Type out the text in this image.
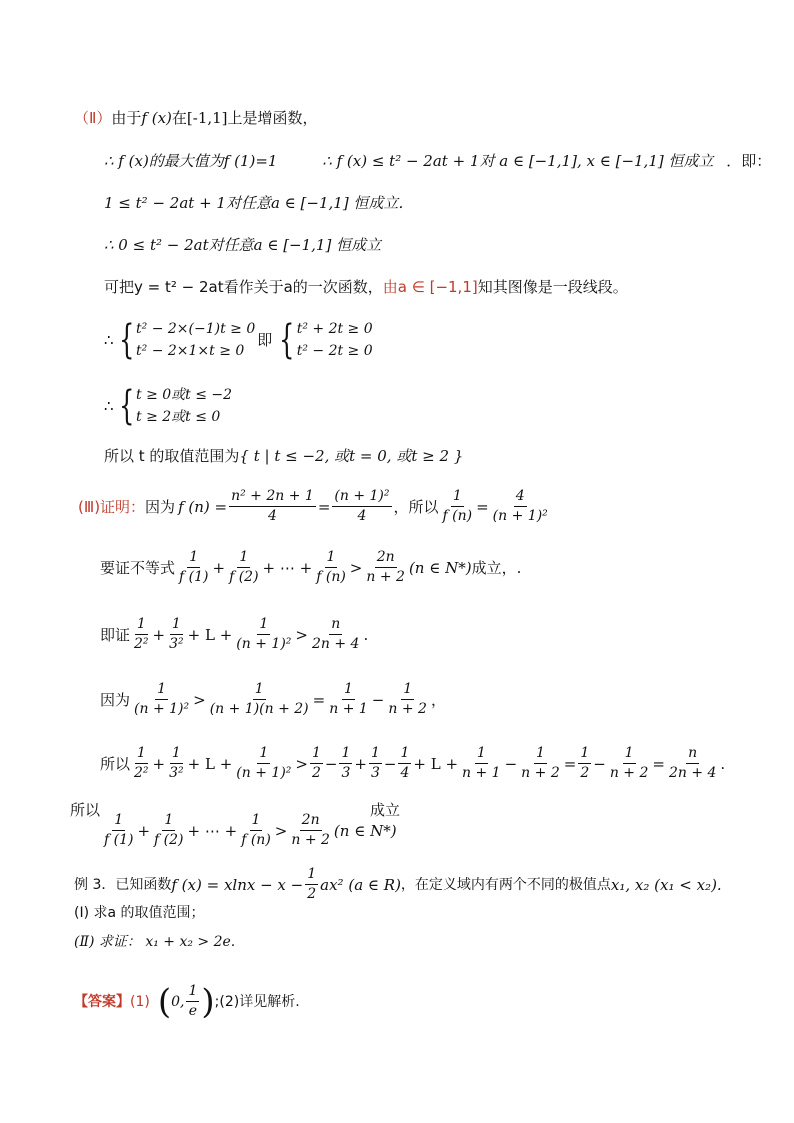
（Ⅱ）由于f (x)在[-1,1]上是增函数，
∴ f (x)的最大值为f (1)=1	∴ f (x) ≤ t² − 2at + 1对 a ∈ [−1,1], x ∈ [−1,1] 恒成立 ．即：
1 ≤ t² − 2at + 1对任意a ∈ [−1,1] 恒成立．
∴ 0 ≤ t² − 2at对任意a ∈ [−1,1] 恒成立
可把y = t² − 2at看作关于a的一次函数，由a ∈ [−1,1]知其图像是一段线段。
∴ { t² − 2×(−1)t ≥ 0
t² − 2×1×t ≥ 0
即 { t² + 2t ≥ 0
t² − 2t ≥ 0
∴ { t ≥ 0或t ≤ −2
t ≥ 2或t ≤ 0
所以 t 的取值范围为{ t | t ≤ −2, 或t = 0, 或t ≥ 2 }
(Ⅲ)证明： 因为 f $(n) = \frac{\text{n² + 2n + 1}}{4} = \frac{\text{(n + 1)²}}{4}$ ，所以 $\frac{1}{f (n)} = \frac{4}{\text{(n + 1)²}}$
要证不等式 $\frac{1}{f (1)} + \frac{1}{f (2)}$ + ⋯ + $\frac{1}{f (n)} > \frac{2n}{n + 2} (n$ ∈ N*) 成立，.
即证 $\frac{1}{\text{2²}} + \frac{1}{\text{3²}} + L + \frac{1}{\text{(n + 1)²}} > \frac{n}{2n + 4}$ .
因为 $\frac{1}{\text{(n + 1)²}} > \frac{1}{(n + 1)(n + 2)} = \frac{1}{n + 1} - \frac{1}{n + 2}$ ，
所以 $\frac{1}{\text{2²}} + \frac{1}{\text{3²}} + L + \frac{1}{\text{(n + 1)²}} > \frac{1}{2} - \frac{1}{3} + \frac{1}{3} - \frac{1}{4} + L + \frac{1}{n + 1} - \frac{1}{n + 2} = \frac{1}{2} - \frac{1}{n + 2} = \frac{n}{2n + 4}$ .
所以
$\frac{1}{f (1)} + \frac{1}{f (2)}$ + ⋯ + $\frac{1}{f (n)} > \frac{2n}{n + 2} (n$ ∈ N*)
成立
例 3．已知函数 f $(x) = xlnx - x - \frac{1}{2} ax^2$ (a ∈ R) ，在定义域内有两个不同的极值点 x₁, x₂ (x₁ < x₂).
(Ⅰ) 求a 的取值范围；
(Ⅱ) 求证： x₁ + x₂ > 2e.
【答案】 (1) ( 0, $\frac{1}{e}$ ) ;(2)详见解析.
